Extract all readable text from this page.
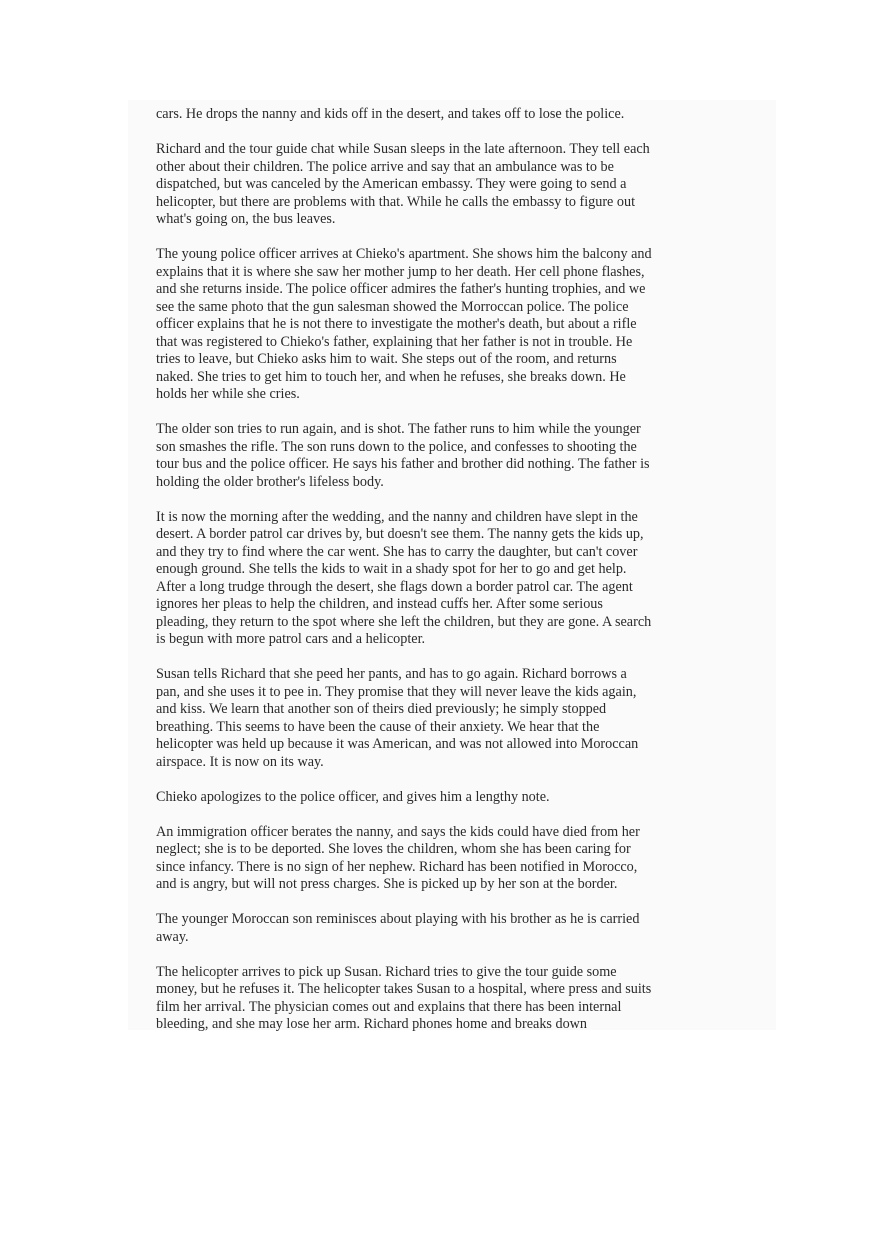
cars. He drops the nanny and kids off in the desert, and takes off to lose the police.

Richard and the tour guide chat while Susan sleeps in the late afternoon. They tell each other about their children. The police arrive and say that an ambulance was to be dispatched, but was canceled by the American embassy. They were going to send a helicopter, but there are problems with that. While he calls the embassy to figure out what's going on, the bus leaves.

The young police officer arrives at Chieko's apartment. She shows him the balcony and explains that it is where she saw her mother jump to her death. Her cell phone flashes, and she returns inside. The police officer admires the father's hunting trophies, and we see the same photo that the gun salesman showed the Morroccan police. The police officer explains that he is not there to investigate the mother's death, but about a rifle that was registered to Chieko's father, explaining that her father is not in trouble. He tries to leave, but Chieko asks him to wait. She steps out of the room, and returns naked. She tries to get him to touch her, and when he refuses, she breaks down. He holds her while she cries.

The older son tries to run again, and is shot. The father runs to him while the younger son smashes the rifle. The son runs down to the police, and confesses to shooting the tour bus and the police officer. He says his father and brother did nothing. The father is holding the older brother's lifeless body.

It is now the morning after the wedding, and the nanny and children have slept in the desert. A border patrol car drives by, but doesn't see them. The nanny gets the kids up, and they try to find where the car went. She has to carry the daughter, but can't cover enough ground. She tells the kids to wait in a shady spot for her to go and get help. After a long trudge through the desert, she flags down a border patrol car. The agent ignores her pleas to help the children, and instead cuffs her. After some serious pleading, they return to the spot where she left the children, but they are gone. A search is begun with more patrol cars and a helicopter.

Susan tells Richard that she peed her pants, and has to go again. Richard borrows a pan, and she uses it to pee in. They promise that they will never leave the kids again, and kiss. We learn that another son of theirs died previously; he simply stopped breathing. This seems to have been the cause of their anxiety. We hear that the helicopter was held up because it was American, and was not allowed into Moroccan airspace. It is now on its way.

Chieko apologizes to the police officer, and gives him a lengthy note.

An immigration officer berates the nanny, and says the kids could have died from her neglect; she is to be deported. She loves the children, whom she has been caring for since infancy. There is no sign of her nephew. Richard has been notified in Morocco, and is angry, but will not press charges. She is picked up by her son at the border.

The younger Moroccan son reminisces about playing with his brother as he is carried away.

The helicopter arrives to pick up Susan. Richard tries to give the tour guide some money, but he refuses it. The helicopter takes Susan to a hospital, where press and suits film her arrival. The physician comes out and explains that there has been internal bleeding, and she may lose her arm. Richard phones home and breaks down
